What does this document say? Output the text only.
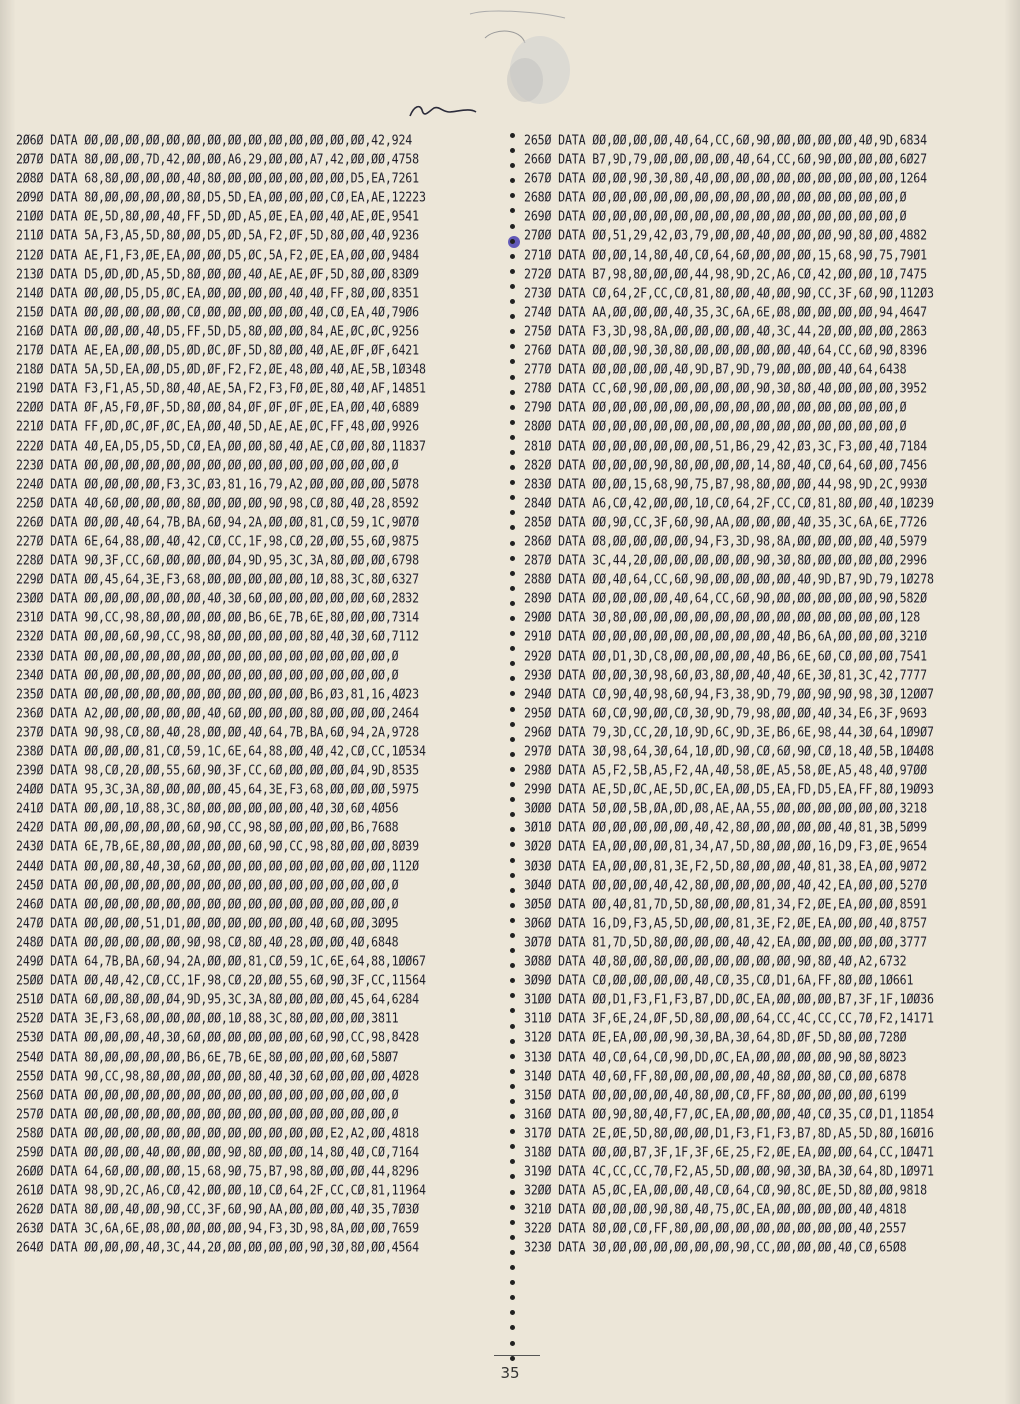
2Ø6Ø DATA ØØ,ØØ,ØØ,ØØ,ØØ,ØØ,ØØ,ØØ,ØØ,ØØ,ØØ,ØØ,ØØ,ØØ,42,924
2Ø7Ø DATA 8Ø,ØØ,ØØ,7D,42,ØØ,ØØ,A6,29,ØØ,ØØ,A7,42,ØØ,ØØ,4758
2Ø8Ø DATA 68,8Ø,ØØ,ØØ,ØØ,4Ø,8Ø,ØØ,ØØ,ØØ,ØØ,ØØ,ØØ,D5,EA,7261
2Ø9Ø DATA 8Ø,ØØ,ØØ,ØØ,ØØ,8Ø,D5,5D,EA,ØØ,ØØ,ØØ,CØ,EA,AE,12223
21ØØ DATA ØE,5D,8Ø,ØØ,4Ø,FF,5D,ØD,A5,ØE,EA,ØØ,4Ø,AE,ØE,9541
211Ø DATA 5A,F3,A5,5D,8Ø,ØØ,D5,ØD,5A,F2,ØF,5D,8Ø,ØØ,4Ø,9236
212Ø DATA AE,F1,F3,ØE,EA,ØØ,ØØ,D5,ØC,5A,F2,ØE,EA,ØØ,ØØ,9484
213Ø DATA D5,ØD,ØD,A5,5D,8Ø,ØØ,ØØ,4Ø,AE,AE,ØF,5D,8Ø,ØØ,83Ø9
214Ø DATA ØØ,ØØ,D5,D5,ØC,EA,ØØ,ØØ,ØØ,ØØ,4Ø,4Ø,FF,8Ø,ØØ,8351
215Ø DATA ØØ,ØØ,ØØ,ØØ,ØØ,CØ,ØØ,ØØ,ØØ,ØØ,ØØ,4Ø,CØ,EA,4Ø,79Ø6
216Ø DATA ØØ,ØØ,ØØ,4Ø,D5,FF,5D,D5,8Ø,ØØ,ØØ,84,AE,ØC,ØC,9256
217Ø DATA AE,EA,ØØ,ØØ,D5,ØD,ØC,ØF,5D,8Ø,ØØ,4Ø,AE,ØF,ØF,6421
218Ø DATA 5A,5D,EA,ØØ,D5,ØD,ØF,F2,F2,ØE,48,ØØ,4Ø,AE,5B,1Ø348
219Ø DATA F3,F1,A5,5D,8Ø,4Ø,AE,5A,F2,F3,FØ,ØE,8Ø,4Ø,AF,14851
22ØØ DATA ØF,A5,FØ,ØF,5D,8Ø,ØØ,84,ØF,ØF,ØF,ØE,EA,ØØ,4Ø,6889
221Ø DATA FF,ØD,ØC,ØF,ØC,EA,ØØ,4Ø,5D,AE,AE,ØC,FF,48,ØØ,9926
222Ø DATA 4Ø,EA,D5,D5,5D,CØ,EA,ØØ,ØØ,8Ø,4Ø,AE,CØ,ØØ,8Ø,11837
223Ø DATA ØØ,ØØ,ØØ,ØØ,ØØ,ØØ,ØØ,ØØ,ØØ,ØØ,ØØ,ØØ,ØØ,ØØ,ØØ,Ø
224Ø DATA ØØ,ØØ,ØØ,ØØ,F3,3C,Ø3,81,16,79,A2,ØØ,ØØ,ØØ,ØØ,5Ø78
225Ø DATA 4Ø,6Ø,ØØ,ØØ,ØØ,8Ø,ØØ,ØØ,ØØ,9Ø,98,CØ,8Ø,4Ø,28,8592
226Ø DATA ØØ,ØØ,4Ø,64,7B,BA,6Ø,94,2A,ØØ,ØØ,81,CØ,59,1C,9Ø7Ø
227Ø DATA 6E,64,88,ØØ,4Ø,42,CØ,CC,1F,98,CØ,2Ø,ØØ,55,6Ø,9875
228Ø DATA 9Ø,3F,CC,6Ø,ØØ,ØØ,ØØ,Ø4,9D,95,3C,3A,8Ø,ØØ,ØØ,6798
229Ø DATA ØØ,45,64,3E,F3,68,ØØ,ØØ,ØØ,ØØ,ØØ,1Ø,88,3C,8Ø,6327
23ØØ DATA ØØ,ØØ,ØØ,ØØ,ØØ,ØØ,4Ø,3Ø,6Ø,ØØ,ØØ,ØØ,ØØ,ØØ,6Ø,2832
231Ø DATA 9Ø,CC,98,8Ø,ØØ,ØØ,ØØ,ØØ,B6,6E,7B,6E,8Ø,ØØ,ØØ,7314
232Ø DATA ØØ,ØØ,6Ø,9Ø,CC,98,8Ø,ØØ,ØØ,ØØ,ØØ,8Ø,4Ø,3Ø,6Ø,7112
233Ø DATA ØØ,ØØ,ØØ,ØØ,ØØ,ØØ,ØØ,ØØ,ØØ,ØØ,ØØ,ØØ,ØØ,ØØ,ØØ,Ø
234Ø DATA ØØ,ØØ,ØØ,ØØ,ØØ,ØØ,ØØ,ØØ,ØØ,ØØ,ØØ,ØØ,ØØ,ØØ,ØØ,Ø
235Ø DATA ØØ,ØØ,ØØ,ØØ,ØØ,ØØ,ØØ,ØØ,ØØ,ØØ,ØØ,B6,Ø3,81,16,4Ø23
236Ø DATA A2,ØØ,ØØ,ØØ,ØØ,ØØ,4Ø,6Ø,ØØ,ØØ,ØØ,8Ø,ØØ,ØØ,ØØ,2464
237Ø DATA 9Ø,98,CØ,8Ø,4Ø,28,ØØ,ØØ,4Ø,64,7B,BA,6Ø,94,2A,9728
238Ø DATA ØØ,ØØ,ØØ,81,CØ,59,1C,6E,64,88,ØØ,4Ø,42,CØ,CC,1Ø534
239Ø DATA 98,CØ,2Ø,ØØ,55,6Ø,9Ø,3F,CC,6Ø,ØØ,ØØ,ØØ,Ø4,9D,8535
24ØØ DATA 95,3C,3A,8Ø,ØØ,ØØ,ØØ,45,64,3E,F3,68,ØØ,ØØ,ØØ,5975
241Ø DATA ØØ,ØØ,1Ø,88,3C,8Ø,ØØ,ØØ,ØØ,ØØ,ØØ,4Ø,3Ø,6Ø,4Ø56
242Ø DATA ØØ,ØØ,ØØ,ØØ,ØØ,6Ø,9Ø,CC,98,8Ø,ØØ,ØØ,ØØ,B6,7688
243Ø DATA 6E,7B,6E,8Ø,ØØ,ØØ,ØØ,ØØ,6Ø,9Ø,CC,98,8Ø,ØØ,ØØ,8Ø39
244Ø DATA ØØ,ØØ,8Ø,4Ø,3Ø,6Ø,ØØ,ØØ,ØØ,ØØ,ØØ,ØØ,ØØ,ØØ,ØØ,112Ø
245Ø DATA ØØ,ØØ,ØØ,ØØ,ØØ,ØØ,ØØ,ØØ,ØØ,ØØ,ØØ,ØØ,ØØ,ØØ,ØØ,Ø
246Ø DATA ØØ,ØØ,ØØ,ØØ,ØØ,ØØ,ØØ,ØØ,ØØ,ØØ,ØØ,ØØ,ØØ,ØØ,ØØ,Ø
247Ø DATA ØØ,ØØ,ØØ,51,D1,ØØ,ØØ,ØØ,ØØ,ØØ,ØØ,4Ø,6Ø,ØØ,3Ø95
248Ø DATA ØØ,ØØ,ØØ,ØØ,ØØ,9Ø,98,CØ,8Ø,4Ø,28,ØØ,ØØ,4Ø,6848
249Ø DATA 64,7B,BA,6Ø,94,2A,ØØ,ØØ,81,CØ,59,1C,6E,64,88,1ØØ67
25ØØ DATA ØØ,4Ø,42,CØ,CC,1F,98,CØ,2Ø,ØØ,55,6Ø,9Ø,3F,CC,11564
251Ø DATA 6Ø,ØØ,8Ø,ØØ,Ø4,9D,95,3C,3A,8Ø,ØØ,ØØ,ØØ,45,64,6284
252Ø DATA 3E,F3,68,ØØ,ØØ,ØØ,ØØ,1Ø,88,3C,8Ø,ØØ,ØØ,ØØ,3811
253Ø DATA ØØ,ØØ,ØØ,4Ø,3Ø,6Ø,ØØ,ØØ,ØØ,ØØ,ØØ,6Ø,9Ø,CC,98,8428
254Ø DATA 8Ø,ØØ,ØØ,ØØ,ØØ,B6,6E,7B,6E,8Ø,ØØ,ØØ,ØØ,6Ø,58Ø7
255Ø DATA 9Ø,CC,98,8Ø,ØØ,ØØ,ØØ,ØØ,8Ø,4Ø,3Ø,6Ø,ØØ,ØØ,ØØ,4Ø28
256Ø DATA ØØ,ØØ,ØØ,ØØ,ØØ,ØØ,ØØ,ØØ,ØØ,ØØ,ØØ,ØØ,ØØ,ØØ,ØØ,Ø
257Ø DATA ØØ,ØØ,ØØ,ØØ,ØØ,ØØ,ØØ,ØØ,ØØ,ØØ,ØØ,ØØ,ØØ,ØØ,ØØ,Ø
258Ø DATA ØØ,ØØ,ØØ,ØØ,ØØ,ØØ,ØØ,ØØ,ØØ,ØØ,ØØ,ØØ,E2,A2,ØØ,4818
259Ø DATA ØØ,ØØ,ØØ,4Ø,ØØ,ØØ,ØØ,9Ø,8Ø,ØØ,ØØ,14,8Ø,4Ø,CØ,7164
26ØØ DATA 64,6Ø,ØØ,ØØ,ØØ,15,68,9Ø,75,B7,98,8Ø,ØØ,ØØ,44,8296
261Ø DATA 98,9D,2C,A6,CØ,42,ØØ,ØØ,1Ø,CØ,64,2F,CC,CØ,81,11964
262Ø DATA 8Ø,ØØ,4Ø,ØØ,9Ø,CC,3F,6Ø,9Ø,AA,ØØ,ØØ,ØØ,4Ø,35,7Ø3Ø
263Ø DATA 3C,6A,6E,Ø8,ØØ,ØØ,ØØ,ØØ,94,F3,3D,98,8A,ØØ,ØØ,7659
264Ø DATA ØØ,ØØ,ØØ,4Ø,3C,44,2Ø,ØØ,ØØ,ØØ,ØØ,9Ø,3Ø,8Ø,ØØ,4564
265Ø DATA ØØ,ØØ,ØØ,ØØ,4Ø,64,CC,6Ø,9Ø,ØØ,ØØ,ØØ,ØØ,4Ø,9D,6834
266Ø DATA B7,9D,79,ØØ,ØØ,ØØ,ØØ,4Ø,64,CC,6Ø,9Ø,ØØ,ØØ,ØØ,6Ø27
267Ø DATA ØØ,ØØ,9Ø,3Ø,8Ø,4Ø,ØØ,ØØ,ØØ,ØØ,ØØ,ØØ,ØØ,ØØ,ØØ,1264
268Ø DATA ØØ,ØØ,ØØ,ØØ,ØØ,ØØ,ØØ,ØØ,ØØ,ØØ,ØØ,ØØ,ØØ,ØØ,ØØ,Ø
269Ø DATA ØØ,ØØ,ØØ,ØØ,ØØ,ØØ,ØØ,ØØ,ØØ,ØØ,ØØ,ØØ,ØØ,ØØ,ØØ,Ø
27ØØ DATA ØØ,51,29,42,Ø3,79,ØØ,ØØ,4Ø,ØØ,ØØ,ØØ,9Ø,8Ø,ØØ,4882
271Ø DATA ØØ,ØØ,14,8Ø,4Ø,CØ,64,6Ø,ØØ,ØØ,ØØ,15,68,9Ø,75,79Ø1
272Ø DATA B7,98,8Ø,ØØ,ØØ,44,98,9D,2C,A6,CØ,42,ØØ,ØØ,1Ø,7475
273Ø DATA CØ,64,2F,CC,CØ,81,8Ø,ØØ,4Ø,ØØ,9Ø,CC,3F,6Ø,9Ø,112Ø3
274Ø DATA AA,ØØ,ØØ,ØØ,4Ø,35,3C,6A,6E,Ø8,ØØ,ØØ,ØØ,ØØ,94,4647
275Ø DATA F3,3D,98,8A,ØØ,ØØ,ØØ,ØØ,4Ø,3C,44,2Ø,ØØ,ØØ,ØØ,2863
276Ø DATA ØØ,ØØ,9Ø,3Ø,8Ø,ØØ,ØØ,ØØ,ØØ,ØØ,4Ø,64,CC,6Ø,9Ø,8396
277Ø DATA ØØ,ØØ,ØØ,ØØ,4Ø,9D,B7,9D,79,ØØ,ØØ,ØØ,4Ø,64,6438
278Ø DATA CC,6Ø,9Ø,ØØ,ØØ,ØØ,ØØ,ØØ,9Ø,3Ø,8Ø,4Ø,ØØ,ØØ,ØØ,3952
279Ø DATA ØØ,ØØ,ØØ,ØØ,ØØ,ØØ,ØØ,ØØ,ØØ,ØØ,ØØ,ØØ,ØØ,ØØ,ØØ,Ø
28ØØ DATA ØØ,ØØ,ØØ,ØØ,ØØ,ØØ,ØØ,ØØ,ØØ,ØØ,ØØ,ØØ,ØØ,ØØ,ØØ,Ø
281Ø DATA ØØ,ØØ,ØØ,ØØ,ØØ,ØØ,51,B6,29,42,Ø3,3C,F3,ØØ,4Ø,7184
282Ø DATA ØØ,ØØ,ØØ,9Ø,8Ø,ØØ,ØØ,ØØ,14,8Ø,4Ø,CØ,64,6Ø,ØØ,7456
283Ø DATA ØØ,ØØ,15,68,9Ø,75,B7,98,8Ø,ØØ,ØØ,44,98,9D,2C,993Ø
284Ø DATA A6,CØ,42,ØØ,ØØ,1Ø,CØ,64,2F,CC,CØ,81,8Ø,ØØ,4Ø,1Ø239
285Ø DATA ØØ,9Ø,CC,3F,6Ø,9Ø,AA,ØØ,ØØ,ØØ,4Ø,35,3C,6A,6E,7726
286Ø DATA Ø8,ØØ,ØØ,ØØ,ØØ,94,F3,3D,98,8A,ØØ,ØØ,ØØ,ØØ,4Ø,5979
287Ø DATA 3C,44,2Ø,ØØ,ØØ,ØØ,ØØ,ØØ,9Ø,3Ø,8Ø,ØØ,ØØ,ØØ,ØØ,2996
288Ø DATA ØØ,4Ø,64,CC,6Ø,9Ø,ØØ,ØØ,ØØ,ØØ,4Ø,9D,B7,9D,79,1Ø278
289Ø DATA ØØ,ØØ,ØØ,ØØ,4Ø,64,CC,6Ø,9Ø,ØØ,ØØ,ØØ,ØØ,ØØ,9Ø,582Ø
29ØØ DATA 3Ø,8Ø,ØØ,ØØ,ØØ,ØØ,ØØ,ØØ,ØØ,ØØ,ØØ,ØØ,ØØ,ØØ,ØØ,128
291Ø DATA ØØ,ØØ,ØØ,ØØ,ØØ,ØØ,ØØ,ØØ,ØØ,4Ø,B6,6A,ØØ,ØØ,ØØ,321Ø
292Ø DATA ØØ,D1,3D,C8,ØØ,ØØ,ØØ,ØØ,4Ø,B6,6E,6Ø,CØ,ØØ,ØØ,7541
293Ø DATA ØØ,ØØ,3Ø,98,6Ø,Ø3,8Ø,ØØ,4Ø,4Ø,6E,3Ø,81,3C,42,7777
294Ø DATA CØ,9Ø,4Ø,98,6Ø,94,F3,38,9D,79,ØØ,9Ø,9Ø,98,3Ø,12ØØ7
295Ø DATA 6Ø,CØ,9Ø,ØØ,CØ,3Ø,9D,79,98,ØØ,ØØ,4Ø,34,E6,3F,9693
296Ø DATA 79,3D,CC,2Ø,1Ø,9D,6C,9D,3E,B6,6E,98,44,3Ø,64,1Ø9Ø7
297Ø DATA 3Ø,98,64,3Ø,64,1Ø,ØD,9Ø,CØ,6Ø,9Ø,CØ,18,4Ø,5B,1Ø4Ø8
298Ø DATA A5,F2,5B,A5,F2,4A,4Ø,58,ØE,A5,58,ØE,A5,48,4Ø,97ØØ
299Ø DATA AE,5D,ØC,AE,5D,ØC,EA,ØØ,D5,EA,FD,D5,EA,FF,8Ø,19Ø93
3ØØØ DATA 5Ø,ØØ,5B,ØA,ØD,Ø8,AE,AA,55,ØØ,ØØ,ØØ,ØØ,ØØ,ØØ,3218
3Ø1Ø DATA ØØ,ØØ,ØØ,ØØ,ØØ,4Ø,42,8Ø,ØØ,ØØ,ØØ,ØØ,4Ø,81,3B,5Ø99
3Ø2Ø DATA EA,ØØ,ØØ,ØØ,81,34,A7,5D,8Ø,ØØ,ØØ,16,D9,F3,ØE,9654
3Ø3Ø DATA EA,ØØ,ØØ,81,3E,F2,5D,8Ø,ØØ,ØØ,4Ø,81,38,EA,ØØ,9Ø72
3Ø4Ø DATA ØØ,ØØ,ØØ,4Ø,42,8Ø,ØØ,ØØ,ØØ,ØØ,4Ø,42,EA,ØØ,ØØ,527Ø
3Ø5Ø DATA ØØ,4Ø,81,7D,5D,8Ø,ØØ,ØØ,81,34,F2,ØE,EA,ØØ,ØØ,8591
3Ø6Ø DATA 16,D9,F3,A5,5D,ØØ,ØØ,81,3E,F2,ØE,EA,ØØ,ØØ,4Ø,8757
3Ø7Ø DATA 81,7D,5D,8Ø,ØØ,ØØ,ØØ,4Ø,42,EA,ØØ,ØØ,ØØ,ØØ,ØØ,3777
3Ø8Ø DATA 4Ø,8Ø,ØØ,8Ø,ØØ,ØØ,ØØ,ØØ,ØØ,ØØ,9Ø,8Ø,4Ø,A2,6732
3Ø9Ø DATA CØ,ØØ,ØØ,ØØ,ØØ,4Ø,CØ,35,CØ,D1,6A,FF,8Ø,ØØ,1Ø661
31ØØ DATA ØØ,D1,F3,F1,F3,B7,DD,ØC,EA,ØØ,ØØ,ØØ,B7,3F,1F,1ØØ36
311Ø DATA 3F,6E,24,ØF,5D,8Ø,ØØ,ØØ,64,CC,4C,CC,CC,7Ø,F2,14171
312Ø DATA ØE,EA,ØØ,ØØ,9Ø,3Ø,BA,3Ø,64,8D,ØF,5D,8Ø,ØØ,728Ø
313Ø DATA 4Ø,CØ,64,CØ,9Ø,DD,ØC,EA,ØØ,ØØ,ØØ,ØØ,9Ø,8Ø,8Ø23
314Ø DATA 4Ø,6Ø,FF,8Ø,ØØ,ØØ,ØØ,ØØ,4Ø,8Ø,ØØ,8Ø,CØ,ØØ,6878
315Ø DATA ØØ,ØØ,ØØ,ØØ,4Ø,8Ø,ØØ,CØ,FF,8Ø,ØØ,ØØ,ØØ,ØØ,6199
316Ø DATA ØØ,9Ø,8Ø,4Ø,F7,ØC,EA,ØØ,ØØ,ØØ,4Ø,CØ,35,CØ,D1,11854
317Ø DATA 2E,ØE,5D,8Ø,ØØ,ØØ,D1,F3,F1,F3,B7,8D,A5,5D,8Ø,16Ø16
318Ø DATA ØØ,ØØ,B7,3F,1F,3F,6E,25,F2,ØE,EA,ØØ,ØØ,64,CC,1Ø471
319Ø DATA 4C,CC,CC,7Ø,F2,A5,5D,ØØ,ØØ,9Ø,3Ø,BA,3Ø,64,8D,1Ø971
32ØØ DATA A5,ØC,EA,ØØ,ØØ,4Ø,CØ,64,CØ,9Ø,8C,ØE,5D,8Ø,ØØ,9818
321Ø DATA ØØ,ØØ,ØØ,9Ø,8Ø,4Ø,75,ØC,EA,ØØ,ØØ,ØØ,ØØ,4Ø,4818
322Ø DATA 8Ø,ØØ,CØ,FF,8Ø,ØØ,ØØ,ØØ,ØØ,ØØ,ØØ,ØØ,ØØ,4Ø,2557
323Ø DATA 3Ø,ØØ,ØØ,ØØ,ØØ,ØØ,ØØ,9Ø,CC,ØØ,ØØ,ØØ,4Ø,CØ,65Ø8
35
